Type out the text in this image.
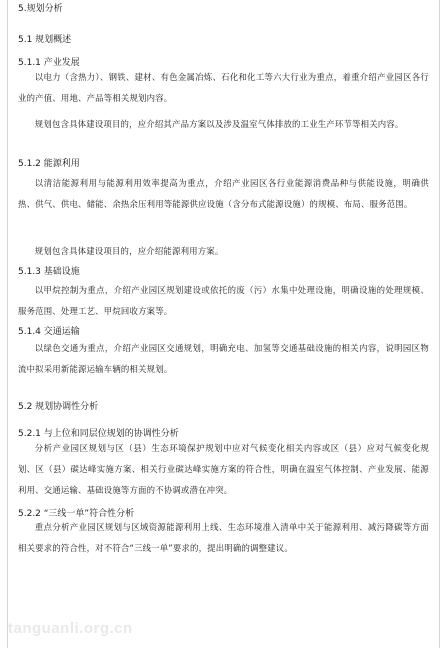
5.规划分析
5.1 规划概述
5.1.1 产业发展

以电力（含热力）、钢铁、建材、有色金属冶炼、石化和化工等六大行业为重点，着重介绍产业园区各行业的产值、用地、产品等相关规划内容。

规划包含具体建设项目的，应介绍其产品方案以及涉及温室气体排放的工业生产环节等相关内容。

5.1.2 能源利用

以清洁能源利用与能源利用效率提高为重点，介绍产业园区各行业能源消费品种与供能设施，明确供热、供气、供电、储能、余热余压利用等能源供应设施（含分布式能源设施）的规模、布局、服务范围。

规划包含具体建设项目的，应介绍能源利用方案。

5.1.3 基础设施

以甲烷控制为重点，介绍产业园区规划建设或依托的废（污）水集中处理设施，明确设施的处理规模、服务范围、处理工艺、甲烷回收方案等。

5.1.4 交通运输

以绿色交通为重点，介绍产业园区交通规划，明确充电、加氢等交通基础设施的相关内容，说明园区物流中拟采用新能源运输车辆的相关规划。

5.2 规划协调性分析
5.2.1 与上位和同层位规划的协调性分析

分析产业园区规划与区（县）生态环境保护规划中应对气候变化相关内容或区（县）应对气候变化规划、区（县）碳达峰实施方案、相关行业碳达峰实施方案的符合性，明确在温室气体控制、产业发展、能源利用、交通运输、基础设施等方面的不协调或潜在冲突。

5.2.2 “三线一单”符合性分析

重点分析产业园区规划与区域资源能源利用上线、生态环境准入清单中关于能源利用、减污降碳等方面相关要求的符合性，对不符合“三线一单”要求的，提出明确的调整建议。

tanguanli.org.cn
